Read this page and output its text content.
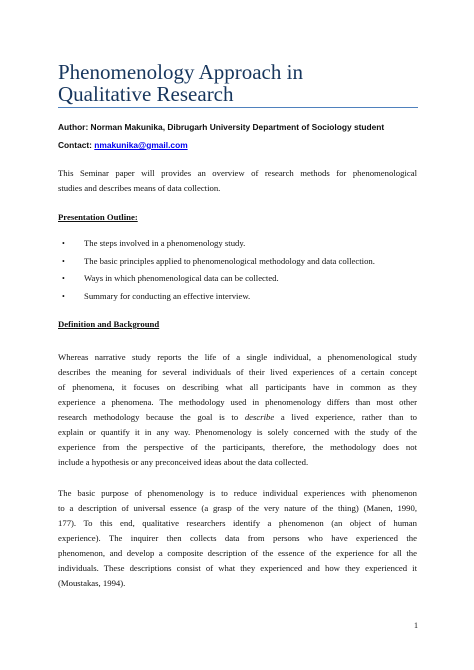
Phenomenology Approach in
Qualitative Research
Author: Norman Makunika, Dibrugarh University Department of Sociology student
Contact: nmakunika@gmail.com

This Seminar paper will provides an overview of research methods for phenomenological
studies and describes means of data collection.

Presentation Outline:
• The steps involved in a phenomenology study.
• The basic principles applied to phenomenological methodology and data collection.
• Ways in which phenomenological data can be collected.
• Summary for conducting an effective interview.
Definition and Background

Whereas narrative study reports the life of a single individual, a phenomenological study
describes the meaning for several individuals of their lived experiences of a certain concept
of phenomena, it focuses on describing what all participants have in common as they
experience a phenomena. The methodology used in phenomenology differs than most other
research methodology because the goal is to describe a lived experience, rather than to
explain or quantify it in any way. Phenomenology is solely concerned with the study of the
experience from the perspective of the participants, therefore, the methodology does not
include a hypothesis or any preconceived ideas about the data collected.

The basic purpose of phenomenology is to reduce individual experiences with phenomenon
to a description of universal essence (a grasp of the very nature of the thing) (Manen, 1990,
177). To this end, qualitative researchers identify a phenomenon (an object of human
experience). The inquirer then collects data from persons who have experienced the
phenomenon, and develop a composite description of the essence of the experience for all the
individuals. These descriptions consist of what they experienced and how they experienced it
(Moustakas, 1994).

1
